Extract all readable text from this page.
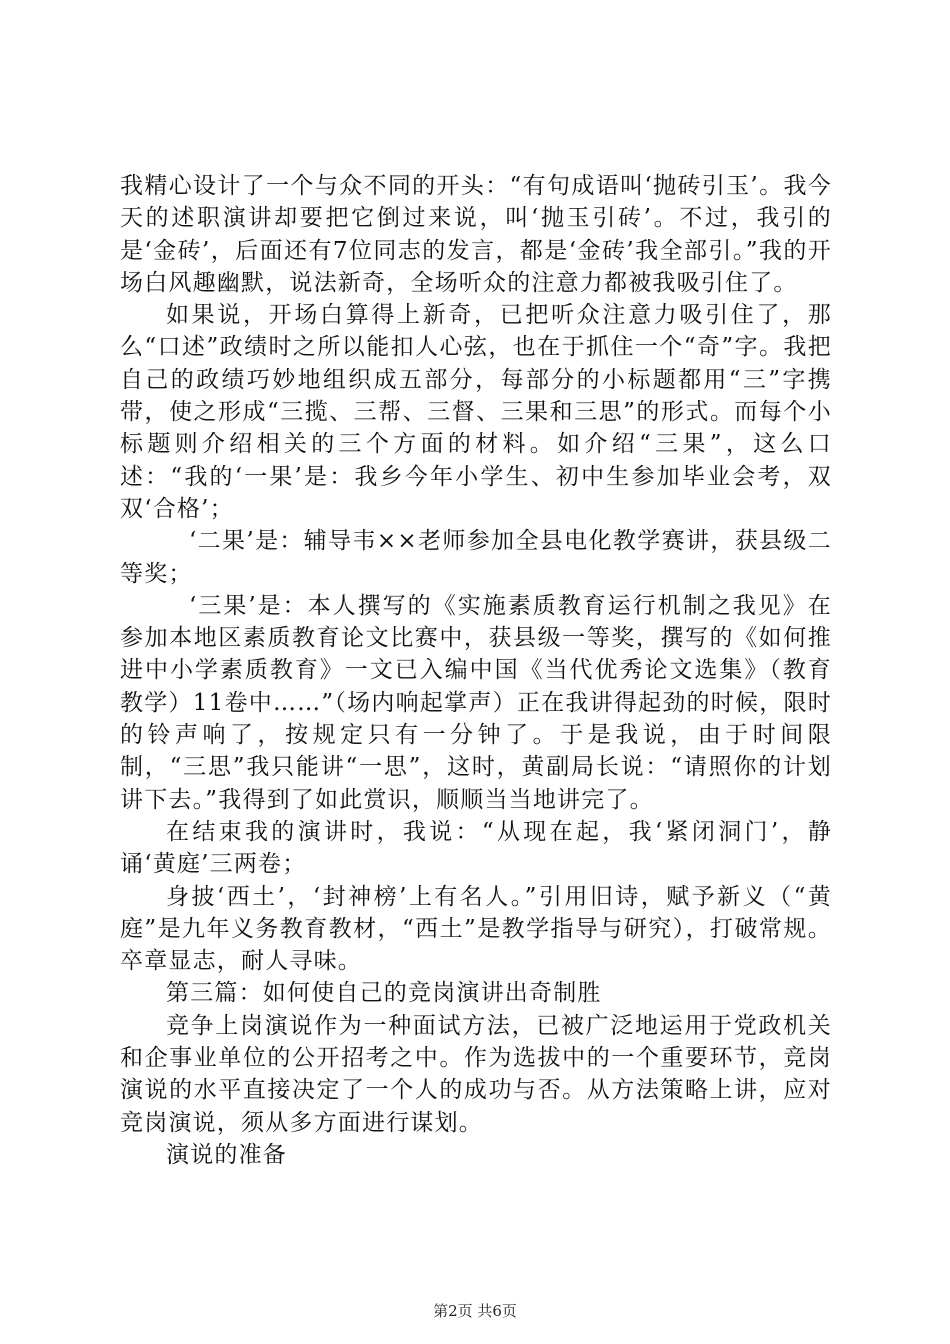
我精心设计了一个与众不同的开头：“有句成语叫‘抛砖引玉’。我今天的述职演讲却要把它倒过来说，叫‘抛玉引砖’。不过，我引的是‘金砖’，后面还有7位同志的发言，都是‘金砖’我全部引。”我的开场白风趣幽默，说法新奇，全场听众的注意力都被我吸引住了。

如果说，开场白算得上新奇，已把听众注意力吸引住了，那么“口述”政绩时之所以能扣人心弦，也在于抓住一个“奇”字。我把自己的政绩巧妙地组织成五部分，每部分的小标题都用“三”字携带，使之形成“三揽、三帮、三督、三果和三思”的形式。而每个小标题则介绍相关的三个方面的材料。如介绍“三果”，这么口述：“我的‘一果’是：我乡今年小学生、初中生参加毕业会考，双双‘合格’；

‘二果’是：辅导韦××老师参加全县电化教学赛讲，获县级二等奖；

‘三果’是：本人撰写的《实施素质教育运行机制之我见》在参加本地区素质教育论文比赛中，获县级一等奖，撰写的《如何推进中小学素质教育》一文已入编中国《当代优秀论文选集》（教育教学）11卷中……”（场内响起掌声）正在我讲得起劲的时候，限时的铃声响了，按规定只有一分钟了。于是我说，由于时间限制，“三思”我只能讲“一思”，这时，黄副局长说：“请照你的计划讲下去。”我得到了如此赏识，顺顺当当地讲完了。

在结束我的演讲时，我说：“从现在起，我‘紧闭洞门’，静诵‘黄庭’三两卷；

身披‘西土’，‘封神榜’上有名人。”引用旧诗，赋予新义（“黄庭”是九年义务教育教材，“西土”是教学指导与研究），打破常规。卒章显志，耐人寻味。

第三篇：如何使自己的竞岗演讲出奇制胜

竞争上岗演说作为一种面试方法，已被广泛地运用于党政机关和企事业单位的公开招考之中。作为选拔中的一个重要环节，竞岗演说的水平直接决定了一个人的成功与否。从方法策略上讲，应对竞岗演说，须从多方面进行谋划。

演说的准备

第2页 共6页
